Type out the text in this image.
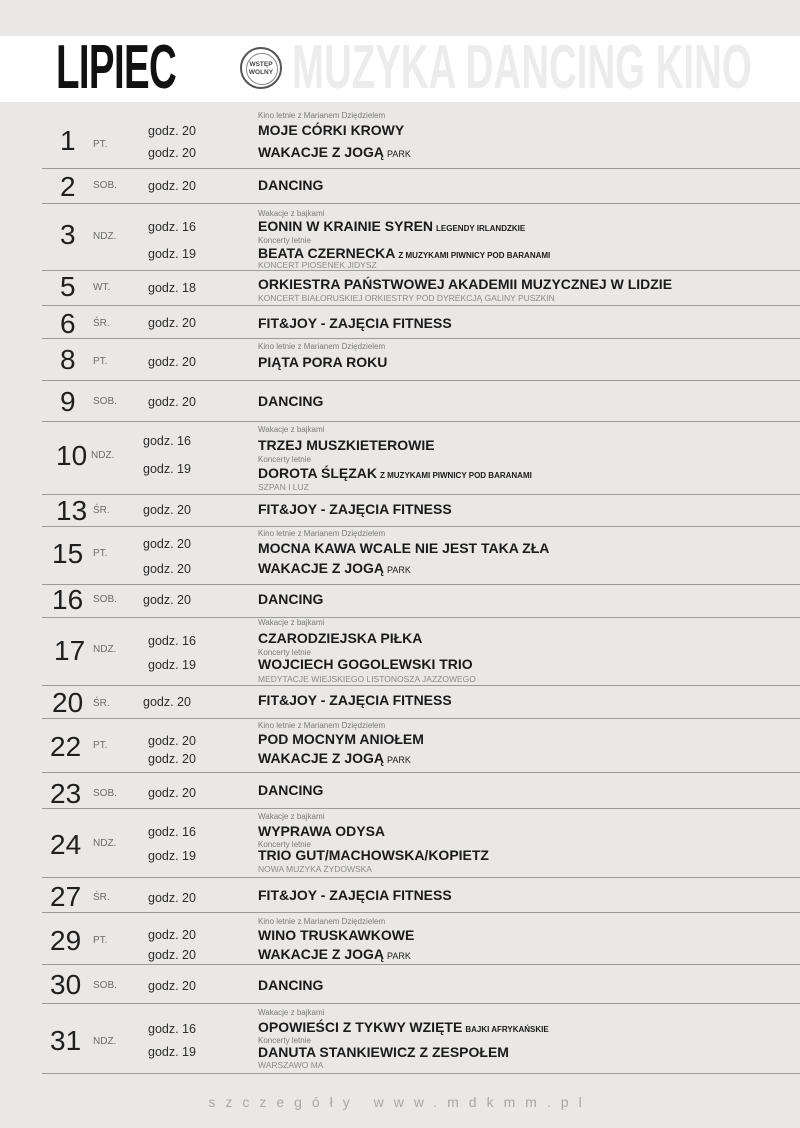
LIPIEC	WSTĘP
WOLNY MUZYKA DANCING KINO
1 PT.
Kino letnie z Marianem Dziędzielem
godz. 20	MOJE CÓRKI KROWY
godz. 20	WAKACJE Z JOGĄ PARK
2 SOB. godz. 20	DANCING
3 NDZ.
Wakacje z bajkami
godz. 16	EONIN W KRAINIE SYREN LEGENDY IRLANDZKIE
Koncerty letnie
godz. 19	BEATA CZERNECKA Z MUZYKAMI PIWNICY POD BARANAMI
KONCERT PIOSENEK JIDYSZ
5 WT.	godz. 18	ORKIESTRA PAŃSTWOWEJ AKADEMII MUZYCZNEJ W LIDZIE
KONCERT BIAŁORUSKIEJ ORKIESTRY POD DYREKCJĄ GALINY PUSZKIN
6 ŚR.	godz. 20	FIT&JOY - ZAJĘCIA FITNESS
8 PT.
Kino letnie z Marianem Dziędzielem
godz. 20	PIĄTA PORA ROKU
9 SOB. godz. 20	DANCING
10 NDZ.
Wakacje z bajkami
godz. 16	TRZEJ MUSZKIETEROWIE
Koncerty letnie
godz. 19	DOROTA ŚLĘZAK Z MUZYKAMI PIWNICY POD BARANAMI
SZPAN I LUZ
13 ŚR.	godz. 20	FIT&JOY - ZAJĘCIA FITNESS
15 PT.
Kino letnie z Marianem Dziędzielem
godz. 20	MOCNA KAWA WCALE NIE JEST TAKA ZŁA
godz. 20	WAKACJE Z JOGĄ PARK
16 SOB. godz. 20	DANCING
17 NDZ.
Wakacje z bajkami
godz. 16	CZARODZIEJSKA PIŁKA
Koncerty letnie
godz. 19	WOJCIECH GOGOLEWSKI TRIO
MEDYTACJE WIEJSKIEGO LISTONOSZA JAZZOWEGO
20 ŚR.	godz. 20	FIT&JOY - ZAJĘCIA FITNESS
22 PT.
Kino letnie z Marianem Dziędzielem
godz. 20	POD MOCNYM ANIOŁEM
godz. 20	WAKACJE Z JOGĄ PARK
23 SOB. godz. 20	DANCING
24 NDZ.
Wakacje z bajkami
godz. 16	WYPRAWA ODYSA
Koncerty letnie
godz. 19	TRIO GUT/MACHOWSKA/KOPIETZ
NOWA MUZYKA ŻYDOWSKA
27 ŚR.	godz. 20	FIT&JOY - ZAJĘCIA FITNESS
29 PT.
Kino letnie z Marianem Dziędzielem
godz. 20	WINO TRUSKAWKOWE
godz. 20	WAKACJE Z JOGĄ PARK
30 SOB. godz. 20	DANCING
31 NDZ.
Wakacje z bajkami
godz. 16	OPOWIEŚCI Z TYKWY WZIĘTE BAJKI AFRYKAŃSKIE
Koncerty letnie
godz. 19	DANUTA STANKIEWICZ Z ZESPOŁEM
WARSZAWO MA
szczegóły www.mdkmm.pl
